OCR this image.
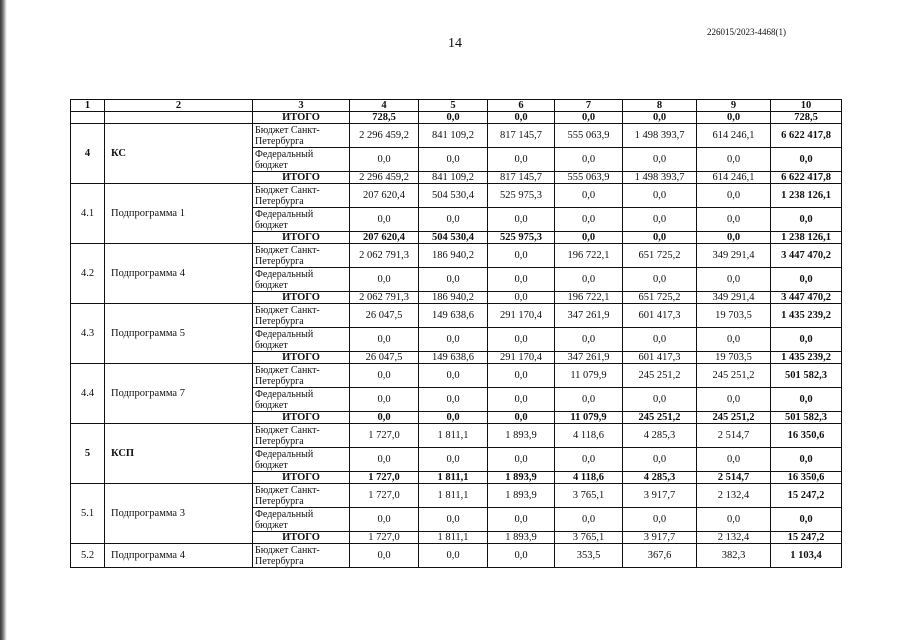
14
226015/2023-4468(1)
1	2	3	4	5	6	7	8	9	10
		ИТОГО	728,5	0,0	0,0	0,0	0,0	0,0	728,5
4	КС	Бюджет Санкт-Петербурга	2 296 459,2	841 109,2	817 145,7	555 063,9	1 498 393,7	614 246,1	6 622 417,8
		Федеральный бюджет	0,0	0,0	0,0	0,0	0,0	0,0	0,0
		ИТОГО	2 296 459,2	841 109,2	817 145,7	555 063,9	1 498 393,7	614 246,1	6 622 417,8
4.1	Подпрограмма 1	Бюджет Санкт-Петербурга	207 620,4	504 530,4	525 975,3	0,0	0,0	0,0	1 238 126,1
		Федеральный бюджет	0,0	0,0	0,0	0,0	0,0	0,0	0,0
		ИТОГО	207 620,4	504 530,4	525 975,3	0,0	0,0	0,0	1 238 126,1
4.2	Подпрограмма 4	Бюджет Санкт-Петербурга	2 062 791,3	186 940,2	0,0	196 722,1	651 725,2	349 291,4	3 447 470,2
		Федеральный бюджет	0,0	0,0	0,0	0,0	0,0	0,0	0,0
		ИТОГО	2 062 791,3	186 940,2	0,0	196 722,1	651 725,2	349 291,4	3 447 470,2
4.3	Подпрограмма 5	Бюджет Санкт-Петербурга	26 047,5	149 638,6	291 170,4	347 261,9	601 417,3	19 703,5	1 435 239,2
		Федеральный бюджет	0,0	0,0	0,0	0,0	0,0	0,0	0,0
		ИТОГО	26 047,5	149 638,6	291 170,4	347 261,9	601 417,3	19 703,5	1 435 239,2
4.4	Подпрограмма 7	Бюджет Санкт-Петербурга	0,0	0,0	0,0	11 079,9	245 251,2	245 251,2	501 582,3
		Федеральный бюджет	0,0	0,0	0,0	0,0	0,0	0,0	0,0
		ИТОГО	0,0	0,0	0,0	11 079,9	245 251,2	245 251,2	501 582,3
5	КСП	Бюджет Санкт-Петербурга	1 727,0	1 811,1	1 893,9	4 118,6	4 285,3	2 514,7	16 350,6
		Федеральный бюджет	0,0	0,0	0,0	0,0	0,0	0,0	0,0
		ИТОГО	1 727,0	1 811,1	1 893,9	4 118,6	4 285,3	2 514,7	16 350,6
5.1	Подпрограмма 3	Бюджет Санкт-Петербурга	1 727,0	1 811,1	1 893,9	3 765,1	3 917,7	2 132,4	15 247,2
		Федеральный бюджет	0,0	0,0	0,0	0,0	0,0	0,0	0,0
		ИТОГО	1 727,0	1 811,1	1 893,9	3 765,1	3 917,7	2 132,4	15 247,2
5.2	Подпрограмма 4	Бюджет Санкт-Петербурга	0,0	0,0	0,0	353,5	367,6	382,3	1 103,4
